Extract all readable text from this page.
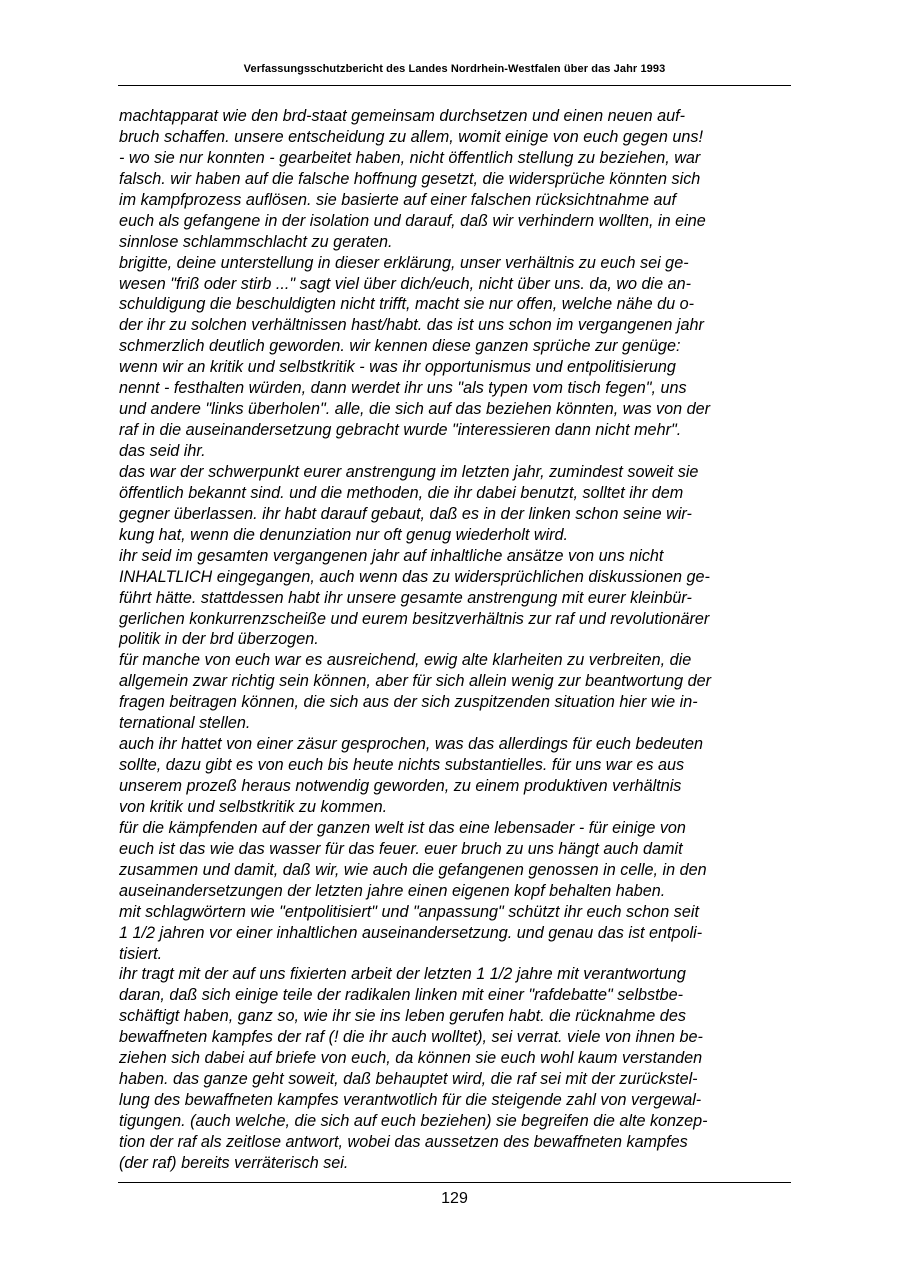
Verfassungsschutzbericht des Landes Nordrhein-Westfalen über das Jahr 1993
machtapparat wie den brd-staat gemeinsam durchsetzen und einen neuen auf-
bruch schaffen. unsere entscheidung zu allem, womit einige von euch gegen uns!
- wo sie nur konnten - gearbeitet haben, nicht öffentlich stellung zu beziehen, war
falsch. wir haben auf die falsche hoffnung gesetzt, die widersprüche könnten sich
im kampfprozess auflösen. sie basierte auf einer falschen rücksichtnahme auf
euch als gefangene in der isolation und darauf, daß wir verhindern wollten, in eine
sinnlose schlammschlacht zu geraten.
brigitte, deine unterstellung in dieser erklärung, unser verhältnis zu euch sei ge-
wesen "friß oder stirb ..." sagt viel über dich/euch, nicht über uns. da, wo die an-
schuldigung die beschuldigten nicht trifft, macht sie nur offen, welche nähe du o-
der ihr zu solchen verhältnissen hast/habt. das ist uns schon im vergangenen jahr
schmerzlich deutlich geworden. wir kennen diese ganzen sprüche zur genüge:
wenn wir an kritik und selbstkritik - was ihr opportunismus und entpolitisierung
nennt - festhalten würden, dann werdet ihr uns "als typen vom tisch fegen", uns
und andere "links überholen". alle, die sich auf das beziehen könnten, was von der
raf in die auseinandersetzung gebracht wurde "interessieren dann nicht mehr".
das seid ihr.
das war der schwerpunkt eurer anstrengung im letzten jahr, zumindest soweit sie
öffentlich bekannt sind. und die methoden, die ihr dabei benutzt, solltet ihr dem
gegner überlassen. ihr habt darauf gebaut, daß es in der linken schon seine wir-
kung hat, wenn die denunziation nur oft genug wiederholt wird.
ihr seid im gesamten vergangenen jahr auf inhaltliche ansätze von uns nicht
INHALTLICH eingegangen, auch wenn das zu widersprüchlichen diskussionen ge-
führt hätte. stattdessen habt ihr unsere gesamte anstrengung mit eurer kleinbür-
gerlichen konkurrenzscheiße und eurem besitzverhältnis zur raf und revolutionärer
politik in der brd überzogen.
für manche von euch war es ausreichend, ewig alte klarheiten zu verbreiten, die
allgemein zwar richtig sein können, aber für sich allein wenig zur beantwortung der
fragen beitragen können, die sich aus der sich zuspitzenden situation hier wie in-
ternational stellen.
auch ihr hattet von einer zäsur gesprochen, was das allerdings für euch bedeuten
sollte, dazu gibt es von euch bis heute nichts substantielles. für uns war es aus
unserem prozeß heraus notwendig geworden, zu einem produktiven verhältnis
von kritik und selbstkritik zu kommen.
für die kämpfenden auf der ganzen welt ist das eine lebensader - für einige von
euch ist das wie das wasser für das feuer. euer bruch zu uns hängt auch damit
zusammen und damit, daß wir, wie auch die gefangenen genossen in celle, in den
auseinandersetzungen der letzten jahre einen eigenen kopf behalten haben.
mit schlagwörtern wie "entpolitisiert" und "anpassung" schützt ihr euch schon seit
1 1/2 jahren vor einer inhaltlichen auseinandersetzung. und genau das ist entpoli-
tisiert.
ihr tragt mit der auf uns fixierten arbeit der letzten 1 1/2 jahre mit verantwortung
daran, daß sich einige teile der radikalen linken mit einer "rafdebatte" selbstbe-
schäftigt haben, ganz so, wie ihr sie ins leben gerufen habt. die rücknahme des
bewaffneten kampfes der raf (! die ihr auch wolltet), sei verrat. viele von ihnen be-
ziehen sich dabei auf briefe von euch, da können sie euch wohl kaum verstanden
haben. das ganze geht soweit, daß behauptet wird, die raf sei mit der zurückstel-
lung des bewaffneten kampfes verantwotlich für die steigende zahl von vergewal-
tigungen. (auch welche, die sich auf euch beziehen) sie begreifen die alte konzep-
tion der raf als zeitlose antwort, wobei das aussetzen des bewaffneten kampfes
(der raf) bereits verräterisch sei.
129
